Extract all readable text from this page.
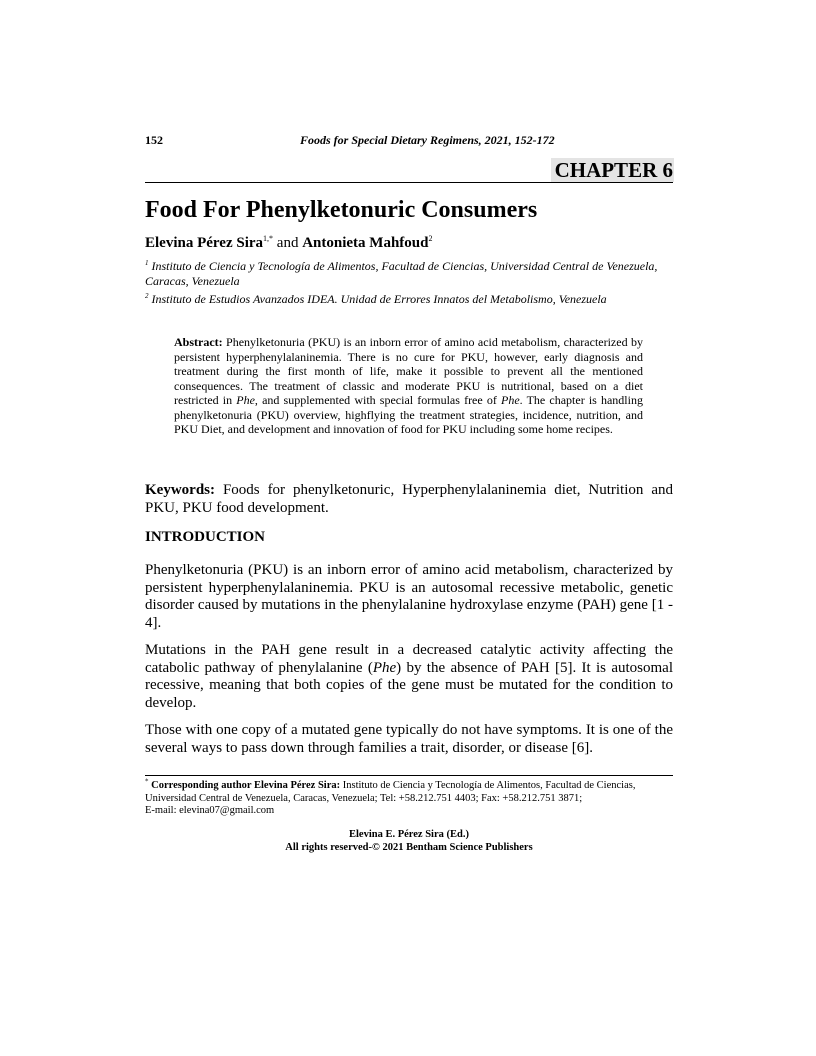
152	Foods for Special Dietary Regimens, 2021, 152-172
CHAPTER 6
Food For Phenylketonuric Consumers
Elevina Pérez Sira$^{1,*}$ and Antonieta Mahfoud$^2$
$^1$ Instituto de Ciencia y Tecnología de Alimentos, Facultad de Ciencias, Universidad Central de Venezuela, Caracas, Venezuela
$^2$ Instituto de Estudios Avanzados IDEA. Unidad de Errores Innatos del Metabolismo, Venezuela
Abstract: Phenylketonuria (PKU) is an inborn error of amino acid metabolism, characterized by persistent hyperphenylalaninemia. There is no cure for PKU, however, early diagnosis and treatment during the first month of life, make it possible to prevent all the mentioned consequences. The treatment of classic and moderate PKU is nutritional, based on a diet restricted in Phe, and supplemented with special formulas free of Phe. The chapter is handling phenylketonuria (PKU) overview, highflying the treatment strategies, incidence, nutrition, and PKU Diet, and development and innovation of food for PKU including some home recipes.
Keywords: Foods for phenylketonuric, Hyperphenylalaninemia diet, Nutrition and PKU, PKU food development.
INTRODUCTION
Phenylketonuria (PKU) is an inborn error of amino acid metabolism, characterized by persistent hyperphenylalaninemia. PKU is an autosomal recessive metabolic, genetic disorder caused by mutations in the phenylalanine hydroxylase enzyme (PAH) gene [1 - 4].
Mutations in the PAH gene result in a decreased catalytic activity affecting the catabolic pathway of phenylalanine (Phe) by the absence of PAH [5]. It is autosomal recessive, meaning that both copies of the gene must be mutated for the condition to develop.
Those with one copy of a mutated gene typically do not have symptoms. It is one of the several ways to pass down through families a trait, disorder, or disease [6].
* Corresponding author Elevina Pérez Sira: Instituto de Ciencia y Tecnología de Alimentos, Facultad de Ciencias, Universidad Central de Venezuela, Caracas, Venezuela; Tel: +58.212.751 4403; Fax: +58.212.751 3871;
E-mail: elevina07@gmail.com
Elevina E. Pérez Sira (Ed.)
All rights reserved-© 2021 Bentham Science Publishers
